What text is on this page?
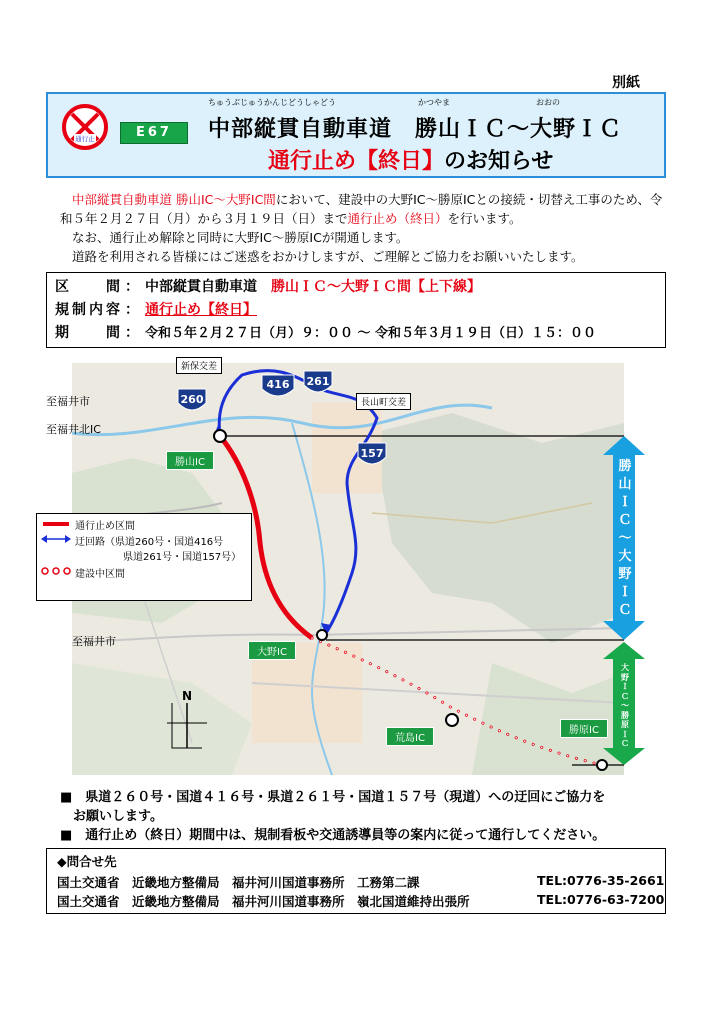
別紙
通行止	E67
ちゅうぶじゅうかんじどうしゃどう	かつやま	おおの
中部縦貫自動車道　勝山ＩＣ～大野ＩＣ
通行止め【終日】のお知らせ
中部縦貫自動車道 勝山IC～大野IC間において、建設中の大野IC～勝原ICとの接続・切替え工事のため、令和５年２月２７日（月）から３月１９日（日）まで通行止め（終日）を行います。
なお、通行止め解除と同時に大野IC～勝原ICが開通します。
道路を利用される皆様にはご迷惑をおかけしますが、ご理解とご協力をお願いいたします。
区　　間 ： 中部縦貫自動車道　 勝山ＩＣ～大野ＩＣ間【上下線】
規制内容 ： 通行止め【終日】
期　　間 ： 令和５年２月２７日（月）９：００ ～ 令和５年３月１９日（日）１５：００
416 261
260
157
新保交差
長山町交差
至福井市
至福井北IC
至福井市
勝山IC
大野IC
荒島IC
勝原IC
N
通行止め区間
迂回路（県道260号・国道416号
県道261号・国道157号）
建設中区間
勝
山
Ｉ
Ｃ
～
大
野
Ｉ
Ｃ
大
野
Ｉ
Ｃ
～
勝
原
Ｉ
Ｃ
■　県道２６０号・国道４１６号・県道２６１号・国道１５７号（現道）への迂回にご協力を
　お願いします。
■　通行止め（終日）期間中は、規制看板や交通誘導員等の案内に従って通行してください。
◆問合せ先
国土交通省　近畿地方整備局　福井河川国道事務所　工務第二課	TEL:0776-35-2661
国土交通省　近畿地方整備局　福井河川国道事務所　嶺北国道維持出張所	TEL:0776-63-7200
